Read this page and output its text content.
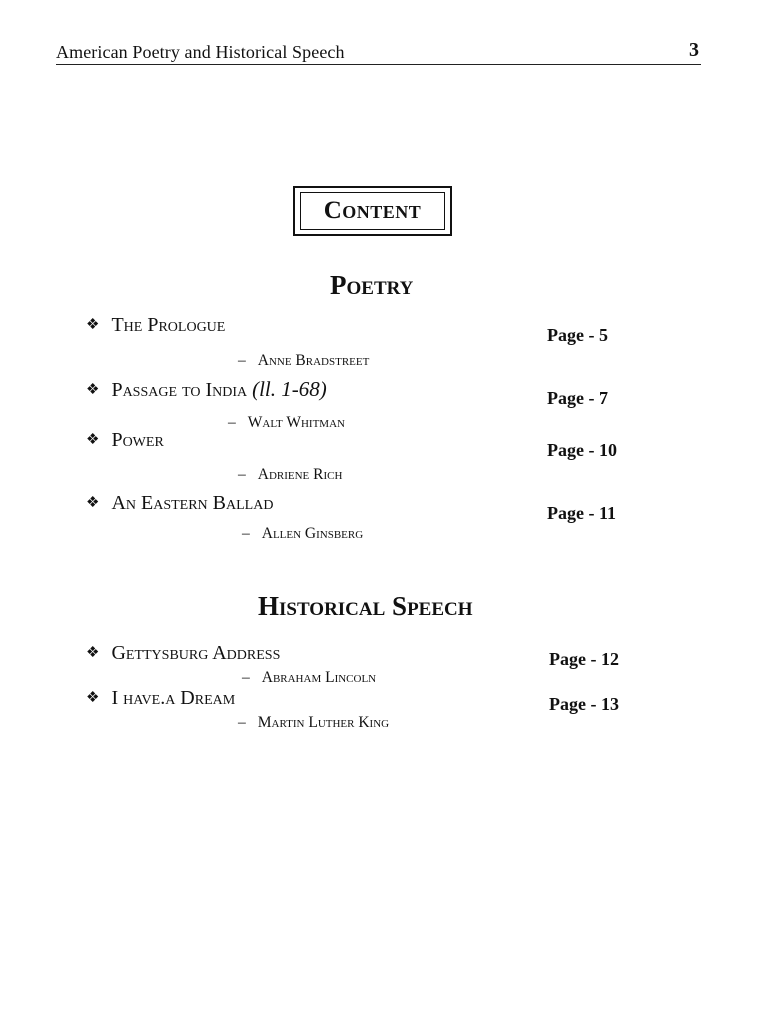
American Poetry and Historical Speech	3
Content
Poetry
❖ The Prologue
– Anne Bradstreet
Page - 5
❖ Passage to India (ll. 1-68)
– Walt Whitman
Page - 7
❖ Power
– Adriene Rich
Page - 10
❖ An Eastern Ballad
– Allen Ginsberg
Page - 11
Historical Speech
❖ Gettysburg Address
– Abraham Lincoln
Page - 12
❖ I have.a Dream
– Martin Luther King
Page - 13
